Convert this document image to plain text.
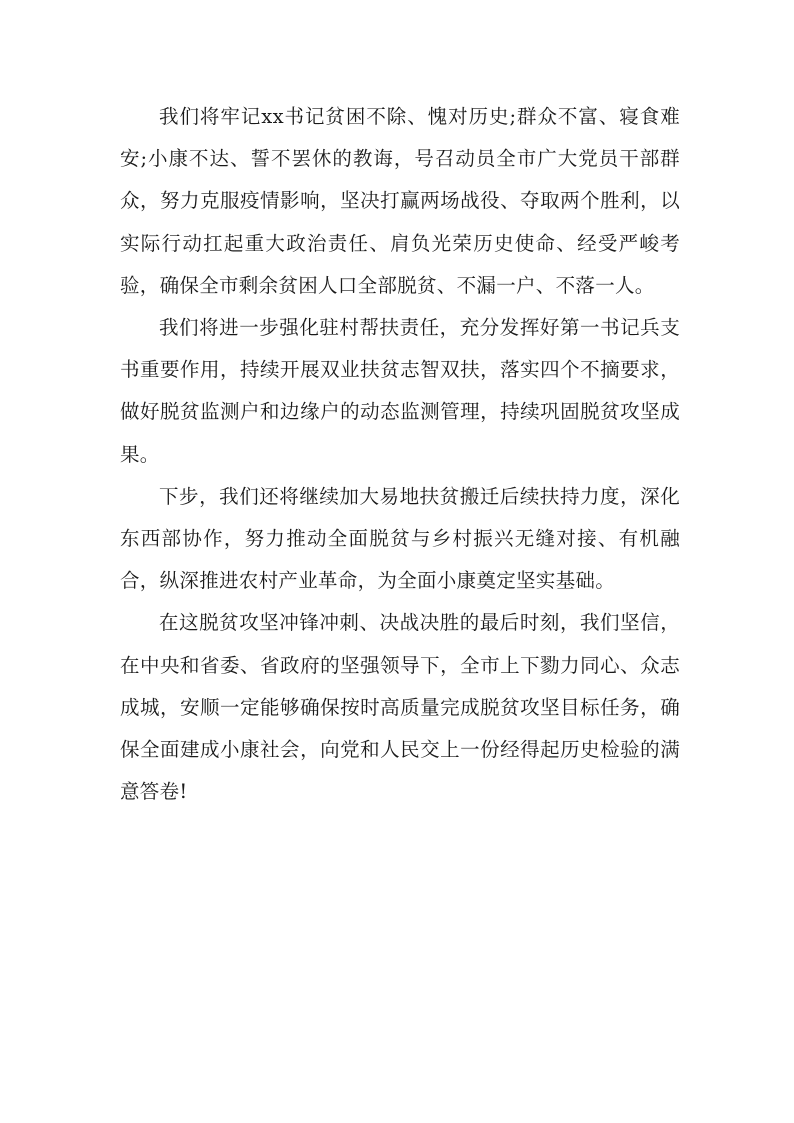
我们将牢记xx书记贫困不除、愧对历史;群众不富、寝食难安;小康不达、誓不罢休的教诲，号召动员全市广大党员干部群众，努力克服疫情影响，坚决打赢两场战役、夺取两个胜利，以实际行动扛起重大政治责任、肩负光荣历史使命、经受严峻考验，确保全市剩余贫困人口全部脱贫、不漏一户、不落一人。

我们将进一步强化驻村帮扶责任，充分发挥好第一书记兵支书重要作用，持续开展双业扶贫志智双扶，落实四个不摘要求，做好脱贫监测户和边缘户的动态监测管理，持续巩固脱贫攻坚成果。

下步，我们还将继续加大易地扶贫搬迁后续扶持力度，深化东西部协作，努力推动全面脱贫与乡村振兴无缝对接、有机融合，纵深推进农村产业革命，为全面小康奠定坚实基础。

在这脱贫攻坚冲锋冲刺、决战决胜的最后时刻，我们坚信，在中央和省委、省政府的坚强领导下，全市上下勠力同心、众志成城，安顺一定能够确保按时高质量完成脱贫攻坚目标任务，确保全面建成小康社会，向党和人民交上一份经得起历史检验的满意答卷!
